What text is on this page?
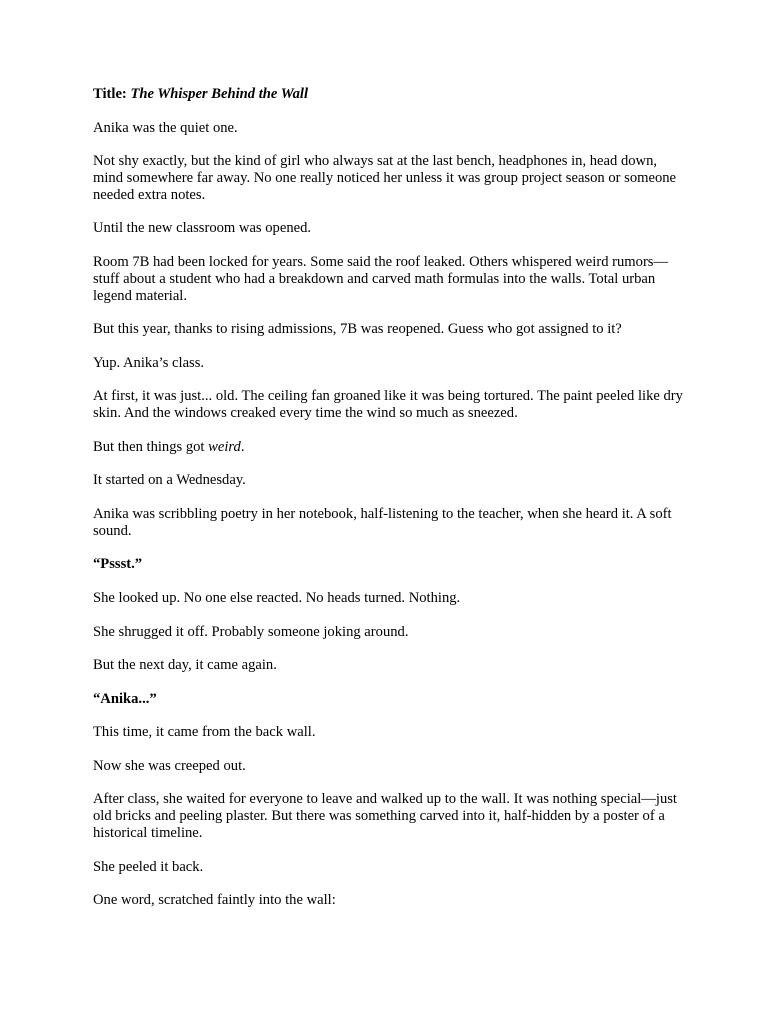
Title: The Whisper Behind the Wall

Anika was the quiet one.

Not shy exactly, but the kind of girl who always sat at the last bench, headphones in, head down, mind somewhere far away. No one really noticed her unless it was group project season or someone needed extra notes.

Until the new classroom was opened.

Room 7B had been locked for years. Some said the roof leaked. Others whispered weird rumors—stuff about a student who had a breakdown and carved math formulas into the walls. Total urban legend material.

But this year, thanks to rising admissions, 7B was reopened. Guess who got assigned to it?

Yup. Anika’s class.

At first, it was just... old. The ceiling fan groaned like it was being tortured. The paint peeled like dry skin. And the windows creaked every time the wind so much as sneezed.

But then things got weird.

It started on a Wednesday.

Anika was scribbling poetry in her notebook, half-listening to the teacher, when she heard it. A soft sound.

“Pssst.”

She looked up. No one else reacted. No heads turned. Nothing.

She shrugged it off. Probably someone joking around.

But the next day, it came again.

“Anika...”

This time, it came from the back wall.

Now she was creeped out.

After class, she waited for everyone to leave and walked up to the wall. It was nothing special—just old bricks and peeling plaster. But there was something carved into it, half-hidden by a poster of a historical timeline.

She peeled it back.

One word, scratched faintly into the wall:
